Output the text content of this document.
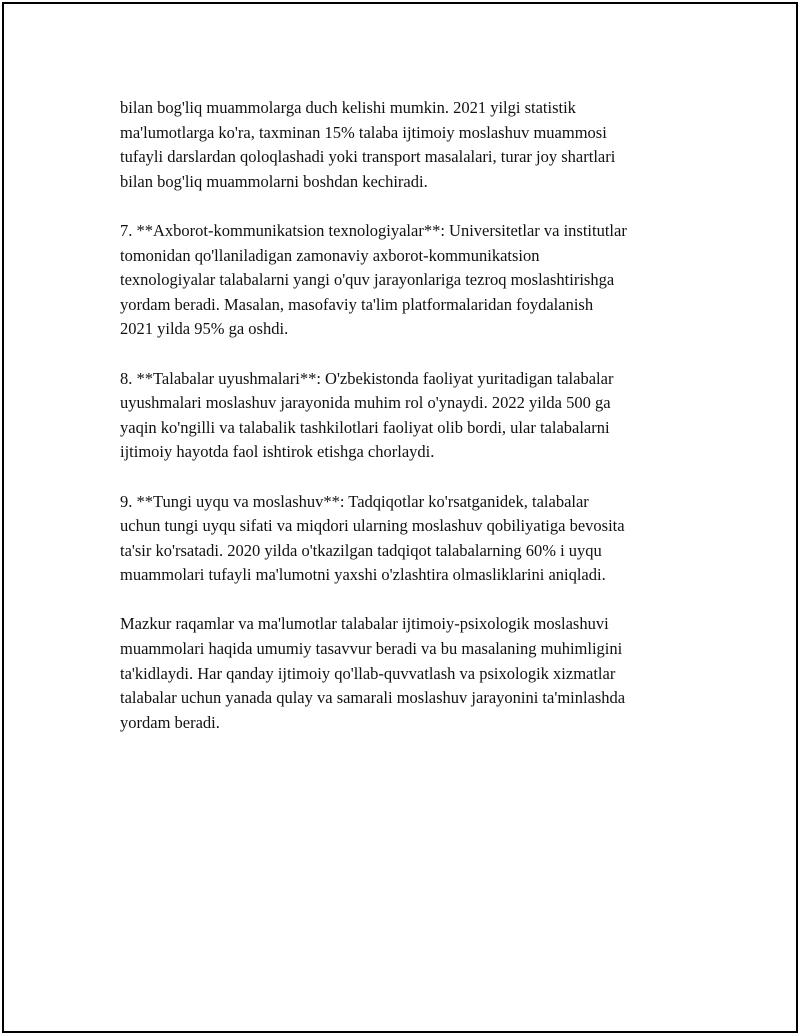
bilan bog'liq muammolarga duch kelishi mumkin. 2021 yilgi statistik
ma'lumotlarga ko'ra, taxminan 15% talaba ijtimoiy moslashuv muammosi
tufayli darslardan qoloqlashadi yoki transport masalalari, turar joy shartlari
bilan bog'liq muammolarni boshdan kechiradi.

7. **Axborot-kommunikatsion texnologiyalar**: Universitetlar va institutlar
tomonidan qo'llaniladigan zamonaviy axborot-kommunikatsion
texnologiyalar talabalarni yangi o'quv jarayonlariga tezroq moslashtirishga
yordam beradi. Masalan, masofaviy ta'lim platformalaridan foydalanish
2021 yilda 95% ga oshdi.

8. **Talabalar uyushmalari**: O'zbekistonda faoliyat yuritadigan talabalar
uyushmalari moslashuv jarayonida muhim rol o'ynaydi. 2022 yilda 500 ga
yaqin ko'ngilli va talabalik tashkilotlari faoliyat olib bordi, ular talabalarni
ijtimoiy hayotda faol ishtirok etishga chorlaydi.

9. **Tungi uyqu va moslashuv**: Tadqiqotlar ko'rsatganidek, talabalar
uchun tungi uyqu sifati va miqdori ularning moslashuv qobiliyatiga bevosita
ta'sir ko'rsatadi. 2020 yilda o'tkazilgan tadqiqot talabalarning 60% i uyqu
muammolari tufayli ma'lumotni yaxshi o'zlashtira olmasliklarini aniqladi.

Mazkur raqamlar va ma'lumotlar talabalar ijtimoiy-psixologik moslashuvi
muammolari haqida umumiy tasavvur beradi va bu masalaning muhimligini
ta'kidlaydi. Har qanday ijtimoiy qo'llab-quvvatlash va psixologik xizmatlar
talabalar uchun yanada qulay va samarali moslashuv jarayonini ta'minlashda
yordam beradi.
